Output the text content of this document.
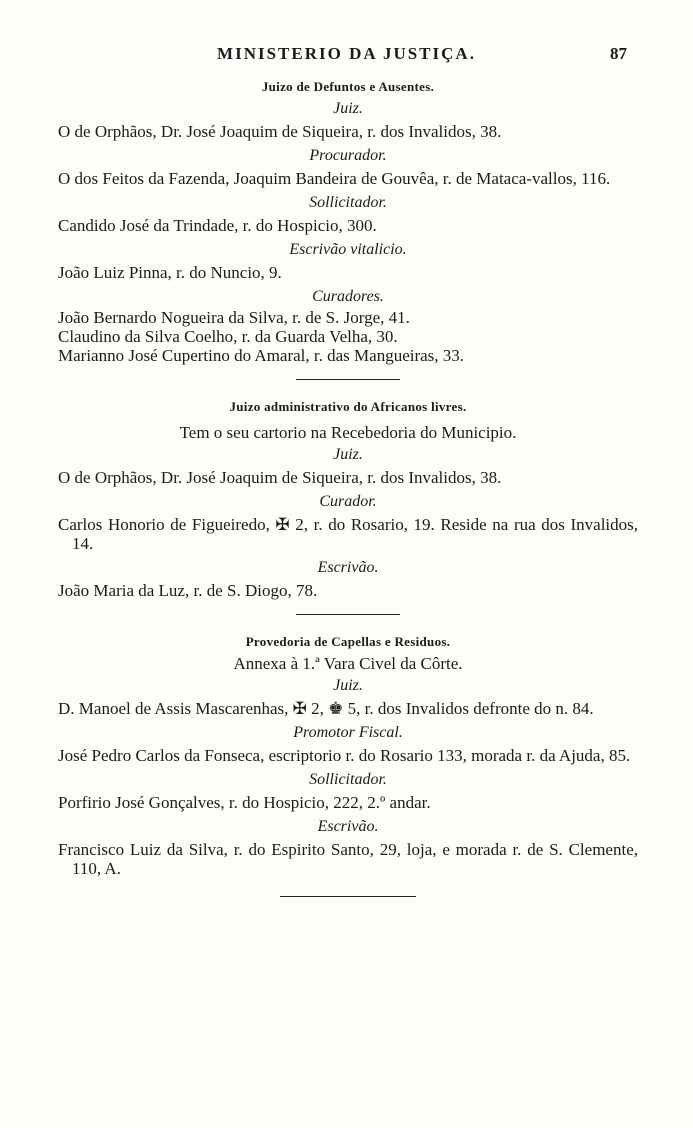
MINISTERIO DA JUSTIÇA.	87
Juizo de Defuntos e Ausentes.
Juiz.
O de Orphãos, Dr. José Joaquim de Siqueira, r. dos Invalidos, 38.
Procurador.
O dos Feitos da Fazenda, Joaquim Bandeira de Gouvêa, r. de Mataca-vallos, 116.
Sollicitador.
Candido José da Trindade, r. do Hospicio, 300.
Escrivão vitalicio.
João Luiz Pinna, r. do Nuncio, 9.
Curadores.
João Bernardo Nogueira da Silva, r. de S. Jorge, 41.
Claudino da Silva Coelho, r. da Guarda Velha, 30.
Marianno José Cupertino do Amaral, r. das Mangueiras, 33.
Juizo administrativo do Africanos livres.
Tem o seu cartorio na Recebedoria do Municipio.
Juiz.
O de Orphãos, Dr. José Joaquim de Siqueira, r. dos Invalidos, 38.
Curador.
Carlos Honorio de Figueiredo, ✠ 2, r. do Rosario, 19. Reside na rua dos Invalidos, 14.
Escrivão.
João Maria da Luz, r. de S. Diogo, 78.
Provedoria de Capellas e Residuos.
Annexa à 1.ª Vara Civel da Côrte.
Juiz.
D. Manoel de Assis Mascarenhas, ✠ 2, ♚ 5, r. dos Invalidos defronte do n. 84.
Promotor Fiscal.
José Pedro Carlos da Fonseca, escriptorio r. do Rosario 133, morada r. da Ajuda, 85.
Sollicitador.
Porfirio José Gonçalves, r. do Hospicio, 222, 2.º andar.
Escrivão.
Francisco Luiz da Silva, r. do Espirito Santo, 29, loja, e morada r. de S. Clemente, 110, A.
